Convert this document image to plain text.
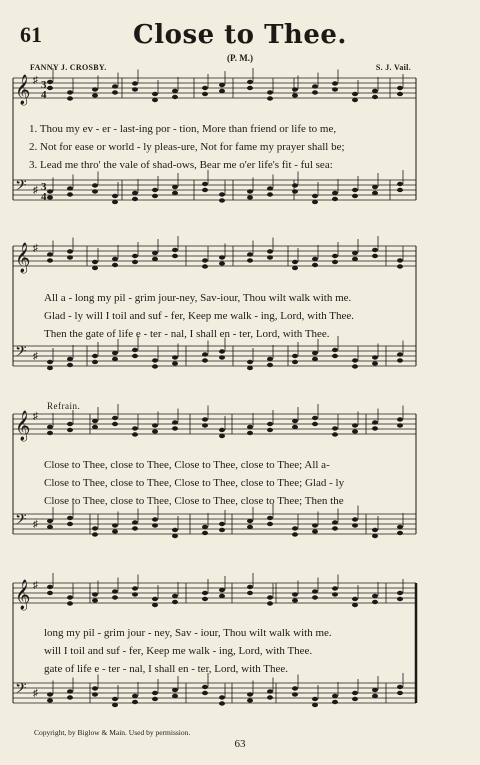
61	Close to Thee.
(P. M.)
FANNY J. CROSBY.	S. J. Vail.
𝄞 ♯ 3
4
𝄢 ♯ 3
4
𝄞 ♯
𝄢 ♯
𝄞 ♯
𝄢 ♯
𝄞 ♯
𝄢 ♯
1. Thou my ev - er - last-ing por - tion, More than friend or life to me,
2. Not for ease or world - ly pleas-ure, Not for fame my prayer shall be;
3. Lead me thro' the vale of shad-ows, Bear me o'er life's fit - ful sea:
All a - long my pil - grim jour-ney, Sav-iour, Thou wilt walk with me.
Glad - ly will I toil and suf - fer, Keep me walk - ing, Lord, with Thee.
Then the gate of life e - ter - nal, I shall en - ter, Lord, with Thee.
Refrain.
Close to Thee, close to Thee, Close to Thee, close to Thee; All a-
Close to Thee, close to Thee, Close to Thee, close to Thee; Glad - ly
Close to Thee, close to Thee, Close to Thee, close to Thee; Then the
long my pil - grim jour - ney, Sav - iour, Thou wilt walk with me.
will I toil and suf - fer, Keep me walk - ing, Lord, with Thee.
gate of life e - ter - nal, I shall en - ter, Lord, with Thee.
Copyright, by Biglow & Main. Used by permission.
63
